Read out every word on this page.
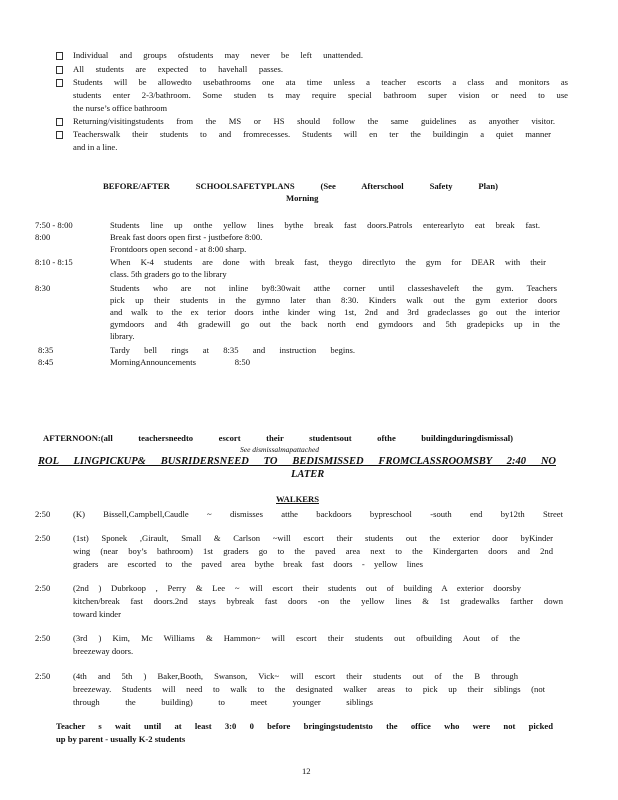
Individual and groups ofstudents may never be left unattended.
All students are expected to havehall passes.
Students will be allowedto usebathrooms one ata time unless a teacher escorts a class and monitors as
students enter 2-3/bathroom. Some studen ts may require special bathroom super vision or need to use
the nurse’s office bathroom
Returning/visitingstudents from the MS or HS should follow the same guidelines as anyother visitor.
Teacherswalk their students to and fromrecesses. Students will en ter the buildingin a quiet manner
and in a line.
BEFORE/AFTER SCHOOLSAFETYPLANS (See Afterschool Safety Plan)
Morning
7:50 - 8:00	Students line up onthe yellow lines bythe break fast doors.Patrols enterearlyto eat break fast.
8:00	Break fast doors open first - justbefore 8:00.
Frontdoors open second - at 8:00 sharp.
8:10 - 8:15	When K-4 students are done with break fast, theygo directlyto the gym for DEAR with their
class. 5th graders go to the library
8:30	Students who are not inline by8:30wait atthe corner until classeshaveleft the gym. Teachers
pick up their students in the gymno later than 8:30. Kinders walk out the gym exterior doors
and walk to the ex terior doors inthe kinder wing 1st, 2nd and 3rd gradeclasses go out the interior
gymdoors and 4th gradewill go out the back north end gymdoors and 5th gradepicks up in the
library.
8:35	Tardy bell rings at 8:35 and instruction begins.
8:45	MorningAnnouncements 8:50
AFTERNOON:(all teachersneedto escort their studentsout ofthe buildingduringdismissal)
See dismissalmapattached
ROL LINGPICKUP& BUSRIDERSNEED TO BEDISMISSED FROMCLASSROOMSBY 2:40 NO
LATER
WALKERS
2:50	(K) Bissell,Campbell,Caudle ~ dismisses atthe backdoors bypreschool -south end by12th Street
2:50	(1st) Sponek ,Girault, Small & Carlson ~will escort their students out the exterior door byKinder
wing (near boy’s bathroom) 1st graders go to the paved area next to the Kindergarten doors and 2nd
graders are escorted to the paved area bythe break fast doors - yellow lines
2:50	(2nd ) Dubrkoop , Perry & Lee ~ will escort their students out of building A exterior doorsby
kitchen/break fast doors.2nd stays bybreak fast doors -on the yellow lines & 1st gradewalks farther down
toward kinder
2:50	(3rd ) Kim, Mc Williams & Hammon~ will escort their students out ofbuilding Aout of the
breezeway doors.
2:50	(4th and 5th ) Baker,Booth, Swanson, Vick~ will escort their students out of the B through
breezeway. Students will need to walk to the designated walker areas to pick up their siblings (not
through the building) to meet younger siblings
Teacher s wait until at least 3:0 0 before bringingstudentsto the office who were not picked
up by parent - usually K-2 students
12
